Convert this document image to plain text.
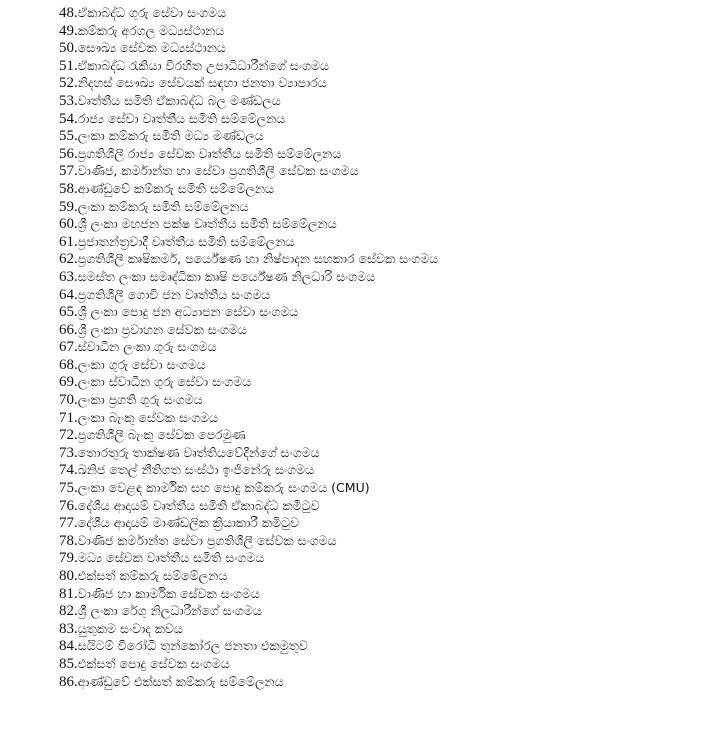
48.ඒකාබද්ධ ගුරු සේවා සංගමය
49.කම්කරු අරගල මධ්‍යස්ථානය
50.සෞඛ්‍ය සේවක මධ්‍යස්ථානය
51.ඒකාබද්ධ රැකියා විරහිත උපාධිධාරීන්ගේ සංගමය
52.නිදහස් සෞඛ්‍ය සේවයක් සඳහා ජනතා ව්‍යාපාරය
53.වෘත්තීය සමිති ඒකාබද්ධ බල මණ්ඩලය
54.රාජ්‍ය සේවා වෘත්තීය සමිති සම්මේලනය
55.ලංකා කම්කරු සමිති මධ්‍ය මණ්ඩලය
56.ප්‍රගතිශීලී රාජ්‍ය සේවක වෘත්තීය සමිති සම්මේලනය
57.වාණිජ, කර්මාන්ත හා සේවා ප්‍රගතිශීලී සේවක සංගමය
58.ආණ්ඩුවේ කම්කරු සමිති සම්මේලනය
59.ලංකා කම්කරු සමිති සම්මේලනය
60.ශ්‍රී ලංකා මහජන පක්ෂ වෘත්තීය සමිති සම්මේලනය
61.ප්‍රජාතන්ත්‍රවාදී වෘත්තීය සමිති සම්මේලනය
62.ප්‍රගතිශීලී කෘෂිකර්ම, පර්යේෂණ හා නිෂ්පාදන සහකාර සේවක සංගමය
63.සමස්ත ලංකා සමෘද්ධිකා කෘෂි පර්යේෂණ නිලධාරි සංගමය
64.ප්‍රගතිශීලී ගොවි ජන වෘත්තීය සංගමය
65.ශ්‍රී ලංකා පොදු ජන අධ්‍යාපන සේවා සංගමය
66.ශ්‍රී ලංකා ප්‍රවාහන සේවක සංගමය
67.ස්වාධීන ලංකා ගුරු සංගමය
68.ලංකා ගුරු සේවා සංගමය
69.ලංකා ස්වාධීන ගුරු සේවා සංගමය
70.ලංකා ප්‍රගති ගුරු සංගමය
71.ලංකා බැංකු සේවක සංගමය
72.ප්‍රගතිශීලී බැංකු සේවක පෙරමුණ
73.තොරතුරු තාක්ෂණ වෘත්තියවේදීන්ගේ සංගමය
74.ඛනිජ තෙල් නීතිගත සංස්ථා ඉංජිනේරු සංගමය
75.ලංකා වෙළඳ කාර්මික සහ පොදු කම්කරු සංගමය (CMU)
76.දේශීය ආදායම් වෘත්තීය සමිති ඒකාබද්ධ කමිටුව
77.දේශීය ආදායම් මාණ්ඩලික ක්‍රියාකාරී කමිටුව
78.වාණිජ කර්මාන්ත සේවා ප්‍රගතිශීලී සේවක සංගමය
79.මධ්‍ය සේවක වෘත්තීය සමිති සංගමය
80.එක්සත් කම්කරු සම්මේලනය
81.වාණිජ හා කාර්මික සේවක සංගමය
82.ශ්‍රී ලංකා රේගු නිලධාරීන්ගේ සංගමය
83.යුතුකම සංවාද කවය
84.සයිටම් විරෝධී තුන්කෝරල ජනතා එකමුතුව
85.එක්සත් පොදු සේවක සංගමය
86.ආණ්ඩුවේ එක්සත් කම්කරු සම්මේලනය
